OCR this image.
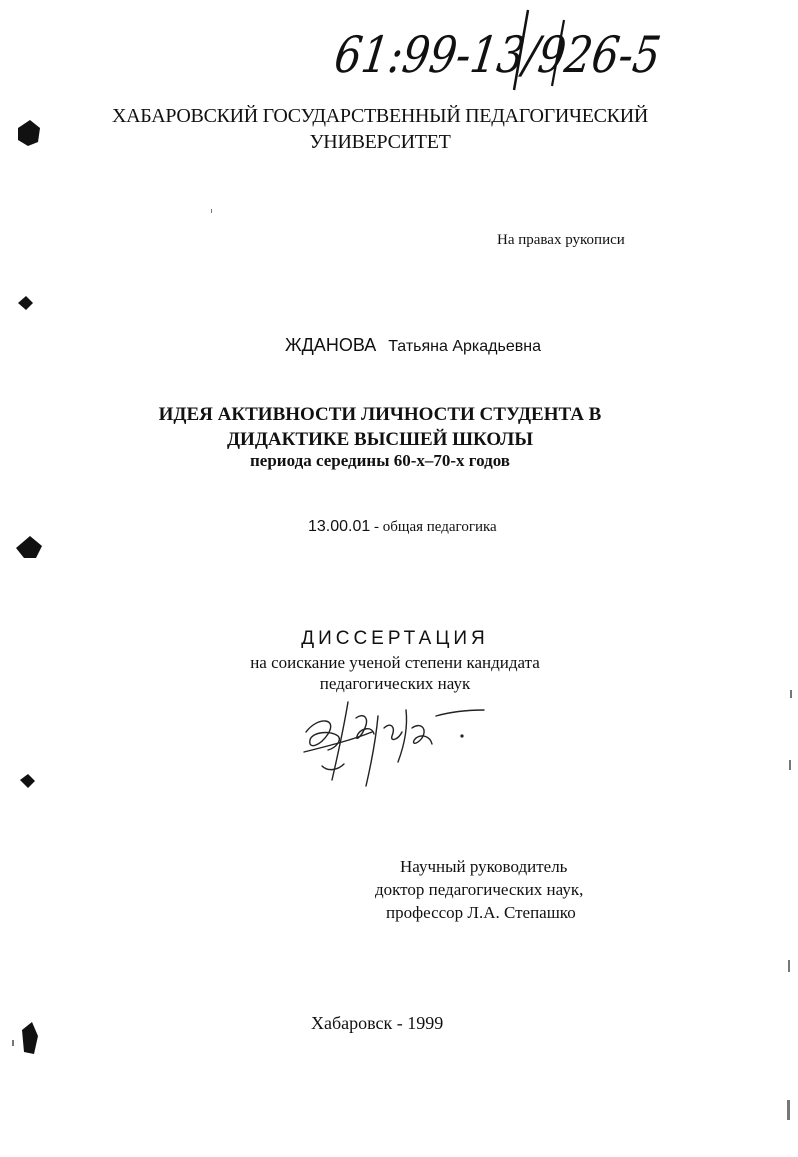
61:99-13/926-5
ХАБАРОВСКИЙ ГОСУДАРСТВЕННЫЙ ПЕДАГОГИЧЕСКИЙ
УНИВЕРСИТЕТ
На правах рукописи
ЖДАНОВА Татьяна Аркадьевна
ИДЕЯ АКТИВНОСТИ ЛИЧНОСТИ СТУДЕНТА В
ДИДАКТИКЕ ВЫСШЕЙ ШКОЛЫ
периода середины 60-х–70-х годов
13.00.01 - общая педагогика
ДИССЕРТАЦИЯ
на соискание ученой степени кандидата
педагогических наук
Научный руководитель
доктор педагогических наук,
профессор Л.А. Степашко
Хабаровск - 1999
